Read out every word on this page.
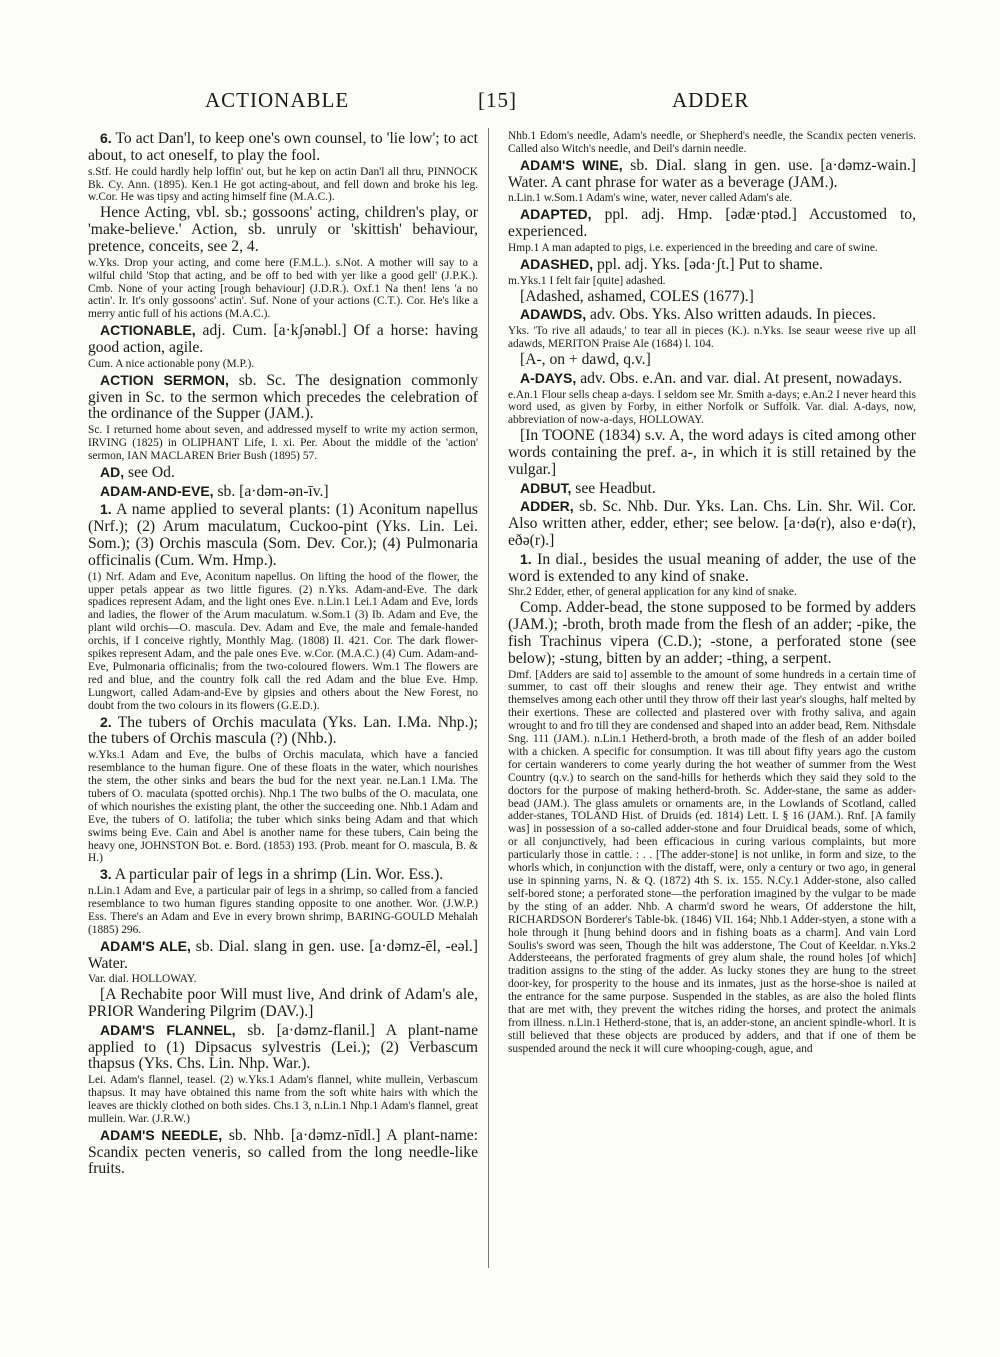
ACTIONABLE	[15]	ADDER

6. To act Dan'l, to keep one's own counsel, to 'lie low'; to act about, to act oneself, to play the fool.

s.Stf. He could hardly help loffin' out, but he kep on actin Dan'l all thru, PINNOCK Bk. Cy. Ann. (1895). Ken.1 He got acting-about, and fell down and broke his leg. w.Cor. He was tipsy and acting himself fine (M.A.C.).

Hence Acting, vbl. sb.; gossoons' acting, children's play, or 'make-believe.' Action, sb. unruly or 'skittish' behaviour, pretence, conceits, see 2, 4.

w.Yks. Drop your acting, and come here (F.M.L.). s.Not. A mother will say to a wilful child 'Stop that acting, and be off to bed with yer like a good gell' (J.P.K.). Cmb. None of your acting [rough behaviour] (J.D.R.). Oxf.1 Na then! lens 'a no actin'. Ir. It's only gossoons' actin'. Suf. None of your actions (C.T.). Cor. He's like a merry antic full of his actions (M.A.C.).

ACTIONABLE, adj. Cum. [a·kʃənəbl.] Of a horse: having good action, agile.

Cum. A nice actionable pony (M.P.).

ACTION SERMON, sb. Sc. The designation commonly given in Sc. to the sermon which precedes the celebration of the ordinance of the Supper (JAM.).

Sc. I returned home about seven, and addressed myself to write my action sermon, IRVING (1825) in OLIPHANT Life, I. xi. Per. About the middle of the 'action' sermon, IAN MACLAREN Brier Bush (1895) 57.

AD, see Od.

ADAM-AND-EVE, sb. [a·dəm-ən-īv.]

1. A name applied to several plants: (1) Aconitum napellus (Nrf.); (2) Arum maculatum, Cuckoo-pint (Yks. Lin. Lei. Som.); (3) Orchis mascula (Som. Dev. Cor.); (4) Pulmonaria officinalis (Cum. Wm. Hmp.).

(1) Nrf. Adam and Eve, Aconitum napellus. On lifting the hood of the flower, the upper petals appear as two little figures. (2) n.Yks. Adam-and-Eve. The dark spadices represent Adam, and the light ones Eve. n.Lin.1 Lei.1 Adam and Eve, lords and ladies, the flower of the Arum maculatum. w.Som.1 (3) Ib. Adam and Eve, the plant wild orchis—O. mascula. Dev. Adam and Eve, the male and female-handed orchis, if I conceive rightly, Monthly Mag. (1808) II. 421. Cor. The dark flower-spikes represent Adam, and the pale ones Eve. w.Cor. (M.A.C.) (4) Cum. Adam-and-Eve, Pulmonaria officinalis; from the two-coloured flowers. Wm.1 The flowers are red and blue, and the country folk call the red Adam and the blue Eve. Hmp. Lungwort, called Adam-and-Eve by gipsies and others about the New Forest, no doubt from the two colours in its flowers (G.E.D.).

2. The tubers of Orchis maculata (Yks. Lan. I.Ma. Nhp.); the tubers of Orchis mascula (?) (Nhb.).

w.Yks.1 Adam and Eve, the bulbs of Orchis maculata, which have a fancied resemblance to the human figure. One of these floats in the water, which nourishes the stem, the other sinks and bears the bud for the next year. ne.Lan.1 I.Ma. The tubers of O. maculata (spotted orchis). Nhp.1 The two bulbs of the O. maculata, one of which nourishes the existing plant, the other the succeeding one. Nhb.1 Adam and Eve, the tubers of O. latifolia; the tuber which sinks being Adam and that which swims being Eve. Cain and Abel is another name for these tubers, Cain being the heavy one, JOHNSTON Bot. e. Bord. (1853) 193. (Prob. meant for O. mascula, B. & H.)

3. A particular pair of legs in a shrimp (Lin. Wor. Ess.).

n.Lin.1 Adam and Eve, a particular pair of legs in a shrimp, so called from a fancied resemblance to two human figures standing opposite to one another. Wor. (J.W.P.) Ess. There's an Adam and Eve in every brown shrimp, BARING-GOULD Mehalah (1885) 296.

ADAM'S ALE, sb. Dial. slang in gen. use. [a·dəmz-ēl, -eəl.] Water.

Var. dial. HOLLOWAY.

[A Rechabite poor Will must live, And drink of Adam's ale, PRIOR Wandering Pilgrim (DAV.).]

ADAM'S FLANNEL, sb. [a·dəmz-flanil.] A plant-name applied to (1) Dipsacus sylvestris (Lei.); (2) Verbascum thapsus (Yks. Chs. Lin. Nhp. War.).

Lei. Adam's flannel, teasel. (2) w.Yks.1 Adam's flannel, white mullein, Verbascum thapsus. It may have obtained this name from the soft white hairs with which the leaves are thickly clothed on both sides. Chs.1 3, n.Lin.1 Nhp.1 Adam's flannel, great mullein. War. (J.R.W.)

ADAM'S NEEDLE, sb. Nhb. [a·dəmz-nīdl.] A plant-name: Scandix pecten veneris, so called from the long needle-like fruits.

Nhb.1 Edom's needle, Adam's needle, or Shepherd's needle, the Scandix pecten veneris. Called also Witch's needle, and Deil's darnin needle.

ADAM'S WINE, sb. Dial. slang in gen. use. [a·dəmz-wain.] Water. A cant phrase for water as a beverage (JAM.).

n.Lin.1 w.Som.1 Adam's wine, water, never called Adam's ale.

ADAPTED, ppl. adj. Hmp. [ədæ·ptəd.] Accustomed to, experienced.

Hmp.1 A man adapted to pigs, i.e. experienced in the breeding and care of swine.

ADASHED, ppl. adj. Yks. [əda·ʃt.] Put to shame.

m.Yks.1 I felt fair [quite] adashed.

[Adashed, ashamed, COLES (1677).]

ADAWDS, adv. Obs. Yks. Also written adauds. In pieces.

Yks. 'To rive all adauds,' to tear all in pieces (K.). n.Yks. Ise seaur weese rive up all adawds, MERITON Praise Ale (1684) l. 104.

[A-, on + dawd, q.v.]

A-DAYS, adv. Obs. e.An. and var. dial. At present, nowadays.

e.An.1 Flour sells cheap a-days. I seldom see Mr. Smith a-days; e.An.2 I never heard this word used, as given by Forby, in either Norfolk or Suffolk. Var. dial. A-days, now, abbreviation of now-a-days, HOLLOWAY.

[In TOONE (1834) s.v. A, the word adays is cited among other words containing the pref. a-, in which it is still retained by the vulgar.]

ADBUT, see Headbut.

ADDER, sb. Sc. Nhb. Dur. Yks. Lan. Chs. Lin. Shr. Wil. Cor. Also written ather, edder, ether; see below. [a·də(r), also e·də(r), eðə(r).]

1. In dial., besides the usual meaning of adder, the use of the word is extended to any kind of snake.

Shr.2 Edder, ether, of general application for any kind of snake.

Comp. Adder-bead, the stone supposed to be formed by adders (JAM.); -broth, broth made from the flesh of an adder; -pike, the fish Trachinus vipera (C.D.); -stone, a perforated stone (see below); -stung, bitten by an adder; -thing, a serpent.

Dmf. [Adders are said to] assemble to the amount of some hundreds in a certain time of summer, to cast off their sloughs and renew their age. They entwist and writhe themselves among each other until they throw off their last year's sloughs, half melted by their exertions. These are collected and plastered over with frothy saliva, and again wrought to and fro till they are condensed and shaped into an adder bead, Rem. Nithsdale Sng. 111 (JAM.). n.Lin.1 Hetherd-broth, a broth made of the flesh of an adder boiled with a chicken. A specific for consumption. It was till about fifty years ago the custom for certain wanderers to come yearly during the hot weather of summer from the West Country (q.v.) to search on the sand-hills for hetherds which they said they sold to the doctors for the purpose of making hetherd-broth. Sc. Adder-stane, the same as adder-bead (JAM.). The glass amulets or ornaments are, in the Lowlands of Scotland, called adder-stanes, TOLAND Hist. of Druids (ed. 1814) Lett. I. § 16 (JAM.). Rnf. [A family was] in possession of a so-called adder-stone and four Druidical beads, some of which, or all conjunctively, had been efficacious in curing various complaints, but more particularly those in cattle. : . . [The adder-stone] is not unlike, in form and size, to the whorls which, in conjunction with the distaff, were, only a century or two ago, in general use in spinning yarns, N. & Q. (1872) 4th S. ix. 155. N.Cy.1 Adder-stone, also called self-bored stone; a perforated stone—the perforation imagined by the vulgar to be made by the sting of an adder. Nhb. A charm'd sword he wears, Of adderstone the hilt, RICHARDSON Borderer's Table-bk. (1846) VII. 164; Nhb.1 Adder-styen, a stone with a hole through it [hung behind doors and in fishing boats as a charm]. And vain Lord Soulis's sword was seen, Though the hilt was adderstone, The Cout of Keeldar. n.Yks.2 Addersteeans, the perforated fragments of grey alum shale, the round holes [of which] tradition assigns to the sting of the adder. As lucky stones they are hung to the street door-key, for prosperity to the house and its inmates, just as the horse-shoe is nailed at the entrance for the same purpose. Suspended in the stables, as are also the holed flints that are met with, they prevent the witches riding the horses, and protect the animals from illness. n.Lin.1 Hetherd-stone, that is, an adder-stone, an ancient spindle-whorl. It is still believed that these objects are produced by adders, and that if one of them be suspended around the neck it will cure whooping-cough, ague, and
